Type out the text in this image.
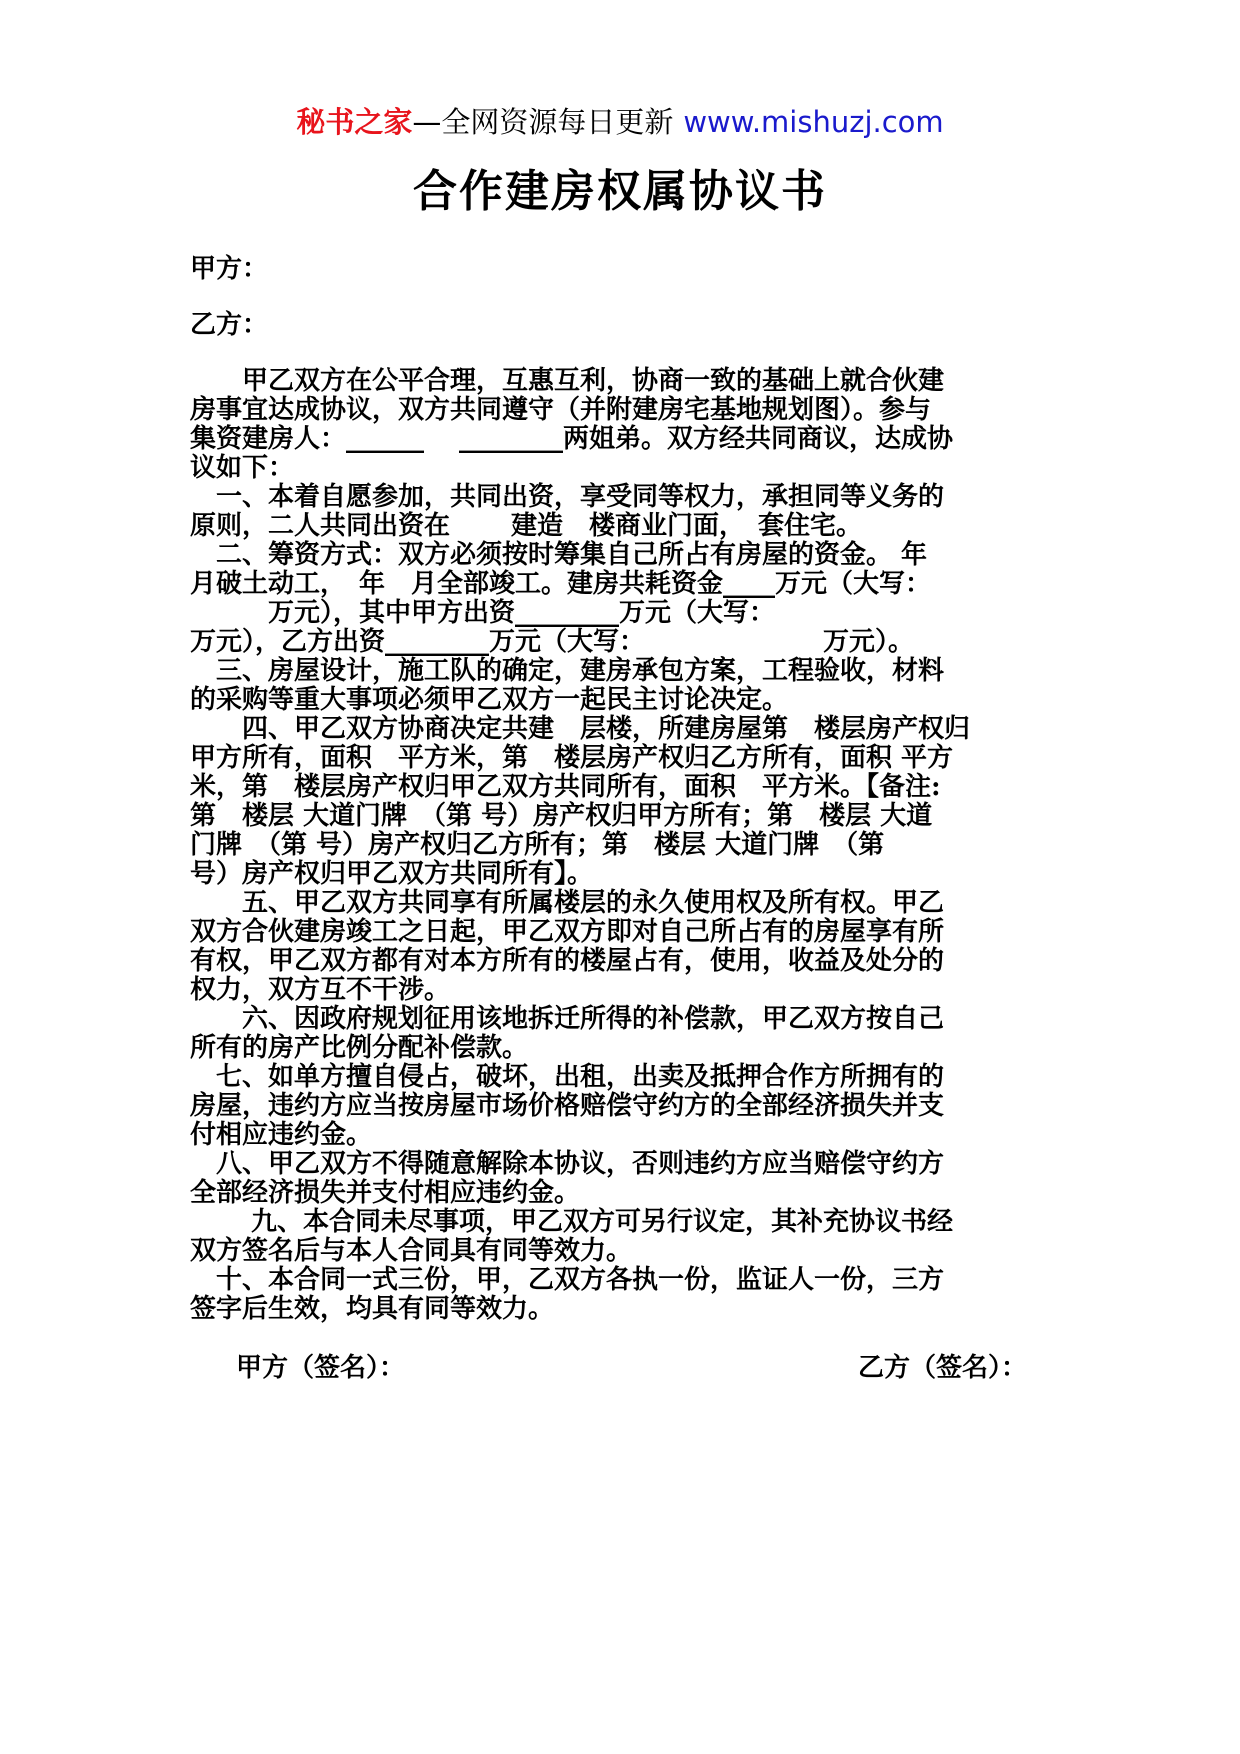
秘书之家—全网资源每日更新 www.mishuzj.com
合作建房权属协议书
甲方：
乙方：
　　甲乙双方在公平合理，互惠互利，协商一致的基础上就合伙建
房事宜达成协议，双方共同遵守（并附建房宅基地规划图）。参与
集资建房人：______　 ________两姐弟。双方经共同商议，达成协
议如下：
　一、本着自愿参加，共同出资，享受同等权力，承担同等义务的
原则，二人共同出资在　　 建造　楼商业门面，　套住宅。
　二、筹资方式：双方必须按时筹集自己所占有房屋的资金。 年
月破土动工，　年　月全部竣工。建房共耗资金____万元（大写：
　　　万元），其中甲方出资________万元（大写：
万元），乙方出资________万元（大写：　　　　　　　 万元）。
　三、房屋设计，施工队的确定，建房承包方案，工程验收，材料
的采购等重大事项必须甲乙双方一起民主讨论决定。
　　四、甲乙双方协商决定共建　层楼，所建房屋第　楼层房产权归
甲方所有，面积　平方米，第　楼层房产权归乙方所有，面积 平方
米，第　楼层房产权归甲乙双方共同所有，面积　平方米。【备注:
第　楼层 大道门牌　（第 号）房产权归甲方所有；第　楼层 大道
门牌　（第 号）房产权归乙方所有；第　楼层 大道门牌　（第
号）房产权归甲乙双方共同所有】。
　　五、甲乙双方共同享有所属楼层的永久使用权及所有权。甲乙
双方合伙建房竣工之日起，甲乙双方即对自己所占有的房屋享有所
有权，甲乙双方都有对本方所有的楼屋占有，使用，收益及处分的
权力，双方互不干涉。
　　六、因政府规划征用该地拆迁所得的补偿款，甲乙双方按自己
所有的房产比例分配补偿款。
　七、如单方擅自侵占，破坏，出租，出卖及抵押合作方所拥有的
房屋，违约方应当按房屋市场价格赔偿守约方的全部经济损失并支
付相应违约金。
　八、甲乙双方不得随意解除本协议，否则违约方应当赔偿守约方
全部经济损失并支付相应违约金。
　　 九、本合同未尽事项，甲乙双方可另行议定，其补充协议书经
双方签名后与本人合同具有同等效力。
　十、本合同一式三份，甲，乙双方各执一份，监证人一份，三方
签字后生效，均具有同等效力。
甲方（签名）：	乙方（签名）：
